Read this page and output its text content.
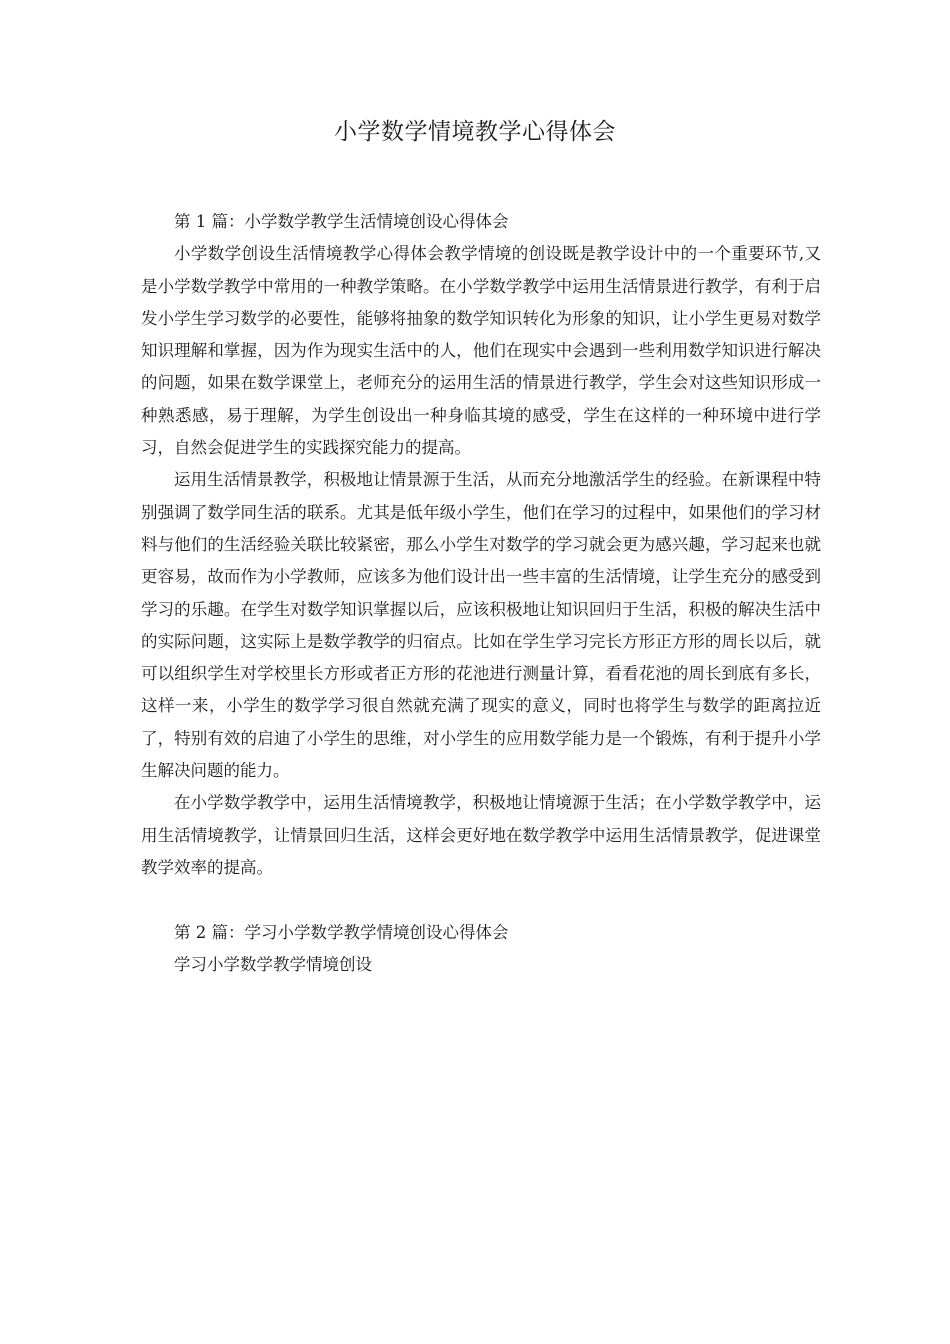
小学数学情境教学心得体会

第 1 篇：小学数学教学生活情境创设心得体会

小学数学创设生活情境教学心得体会教学情境的创设既是教学设计中的一个重要环节,又是小学数学教学中常用的一种教学策略。在小学数学教学中运用生活情景进行教学，有利于启发小学生学习数学的必要性，能够将抽象的数学知识转化为形象的知识，让小学生更易对数学知识理解和掌握，因为作为现实生活中的人，他们在现实中会遇到一些利用数学知识进行解决的问题，如果在数学课堂上，老师充分的运用生活的情景进行教学，学生会对这些知识形成一种熟悉感，易于理解，为学生创设出一种身临其境的感受，学生在这样的一种环境中进行学习，自然会促进学生的实践探究能力的提高。

运用生活情景教学，积极地让情景源于生活，从而充分地激活学生的经验。在新课程中特别强调了数学同生活的联系。尤其是低年级小学生，他们在学习的过程中，如果他们的学习材料与他们的生活经验关联比较紧密，那么小学生对数学的学习就会更为感兴趣，学习起来也就更容易，故而作为小学教师，应该多为他们设计出一些丰富的生活情境，让学生充分的感受到学习的乐趣。在学生对数学知识掌握以后，应该积极地让知识回归于生活，积极的解决生活中的实际问题，这实际上是数学教学的归宿点。比如在学生学习完长方形正方形的周长以后，就可以组织学生对学校里长方形或者正方形的花池进行测量计算，看看花池的周长到底有多长，这样一来，小学生的数学学习很自然就充满了现实的意义，同时也将学生与数学的距离拉近了，特别有效的启迪了小学生的思维，对小学生的应用数学能力是一个锻炼，有利于提升小学生解决问题的能力。

在小学数学教学中，运用生活情境教学，积极地让情境源于生活；在小学数学教学中，运用生活情境教学，让情景回归生活，这样会更好地在数学教学中运用生活情景教学，促进课堂教学效率的提高。

第 2 篇：学习小学数学教学情境创设心得体会

学习小学数学教学情境创设
